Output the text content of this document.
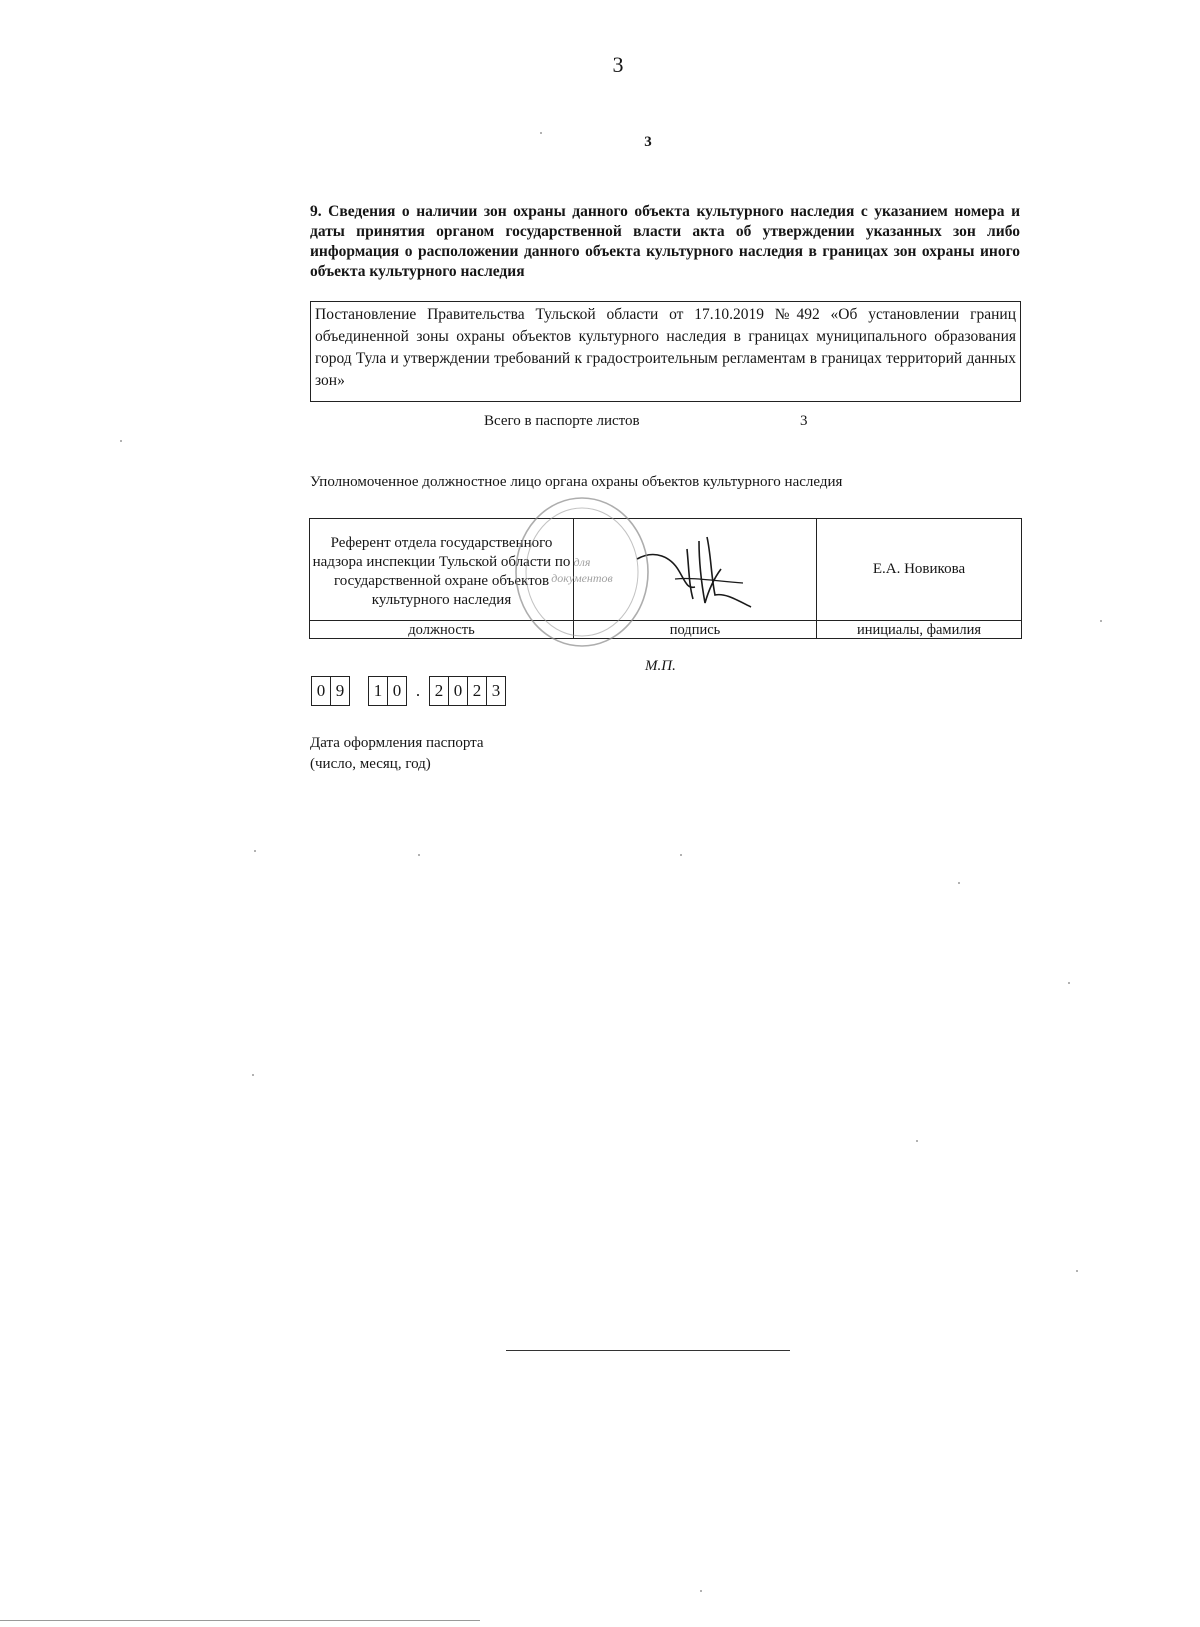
3
3
9. Сведения о наличии зон охраны данного объекта культурного наследия с указанием номера и даты принятия органом государственной власти акта об утверждении указанных зон либо информация о расположении данного объекта культурного наследия в границах зон охраны иного объекта культурного наследия
Постановление Правительства Тульской области от 17.10.2019 №492 «Об установлении границ объединенной зоны охраны объектов культурного наследия в границах муниципального образования город Тула и утверждении требований к градостроительным регламентам в границах территорий данных зон»
Всего в паспорте листов	3
Уполномоченное должностное лицо органа охраны объектов культурного наследия
Референт отдела государственного надзора инспекции Тульской области по государственной охране объектов культурного наследия		Е.А. Новикова
должность	подпись	инициалы, фамилия
для
документов
М.П.
0 9 1 0 . 2 0 2 3
Дата оформления паспорта
(число, месяц, год)
